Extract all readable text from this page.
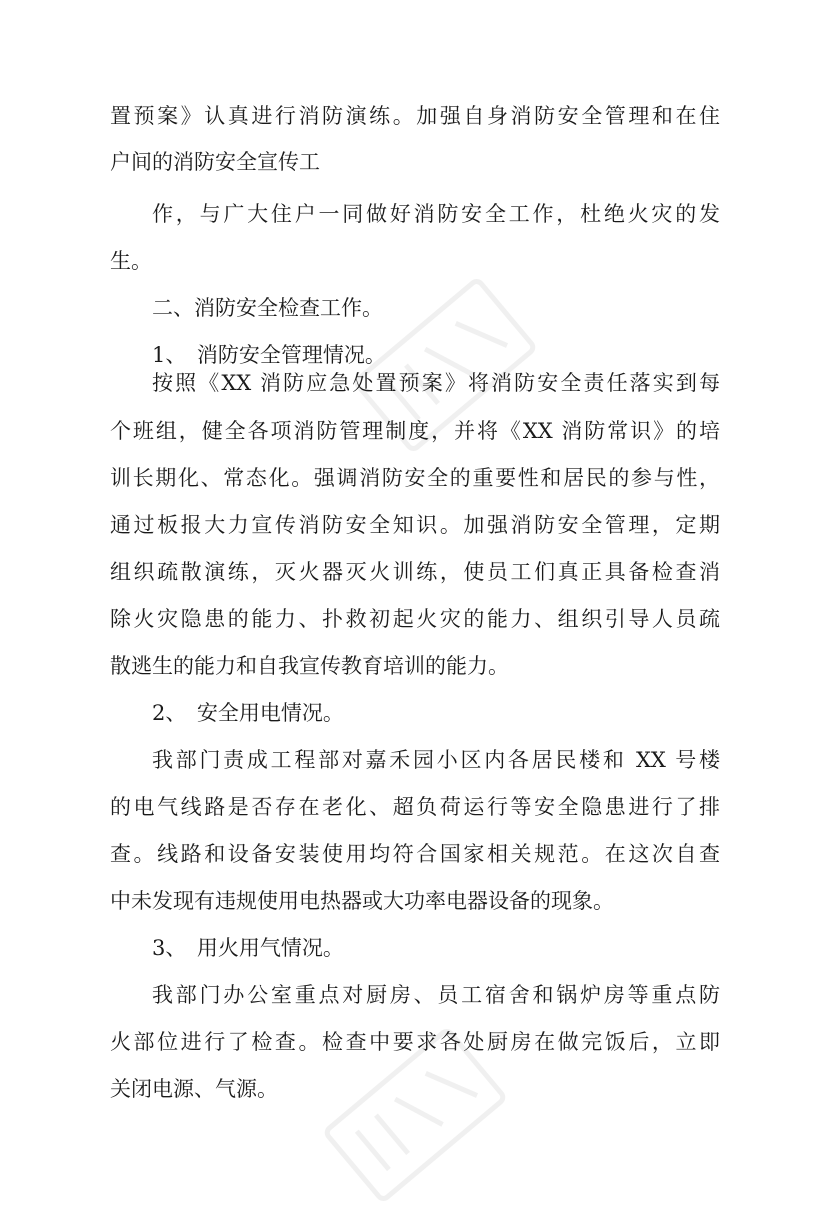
置预案》认真进行消防演练。加强自身消防安全管理和在住
户间的消防安全宣传工
作，与广大住户一同做好消防安全工作，杜绝火灾的发
生。
二、消防安全检查工作。
1、　消防安全管理情况。
按照《XX 消防应急处置预案》将消防安全责任落实到每
个班组，健全各项消防管理制度，并将《XX 消防常识》的培
训长期化、常态化。强调消防安全的重要性和居民的参与性，
通过板报大力宣传消防安全知识。加强消防安全管理，定期
组织疏散演练，灭火器灭火训练，使员工们真正具备检查消
除火灾隐患的能力、扑救初起火灾的能力、组织引导人员疏
散逃生的能力和自我宣传教育培训的能力。
2、　安全用电情况。
我部门责成工程部对嘉禾园小区内各居民楼和 XX 号楼
的电气线路是否存在老化、超负荷运行等安全隐患进行了排
查。线路和设备安装使用均符合国家相关规范。在这次自查
中未发现有违规使用电热器或大功率电器设备的现象。
3、　用火用气情况。
我部门办公室重点对厨房、员工宿舍和锅炉房等重点防
火部位进行了检查。检查中要求各处厨房在做完饭后，立即
关闭电源、气源。
